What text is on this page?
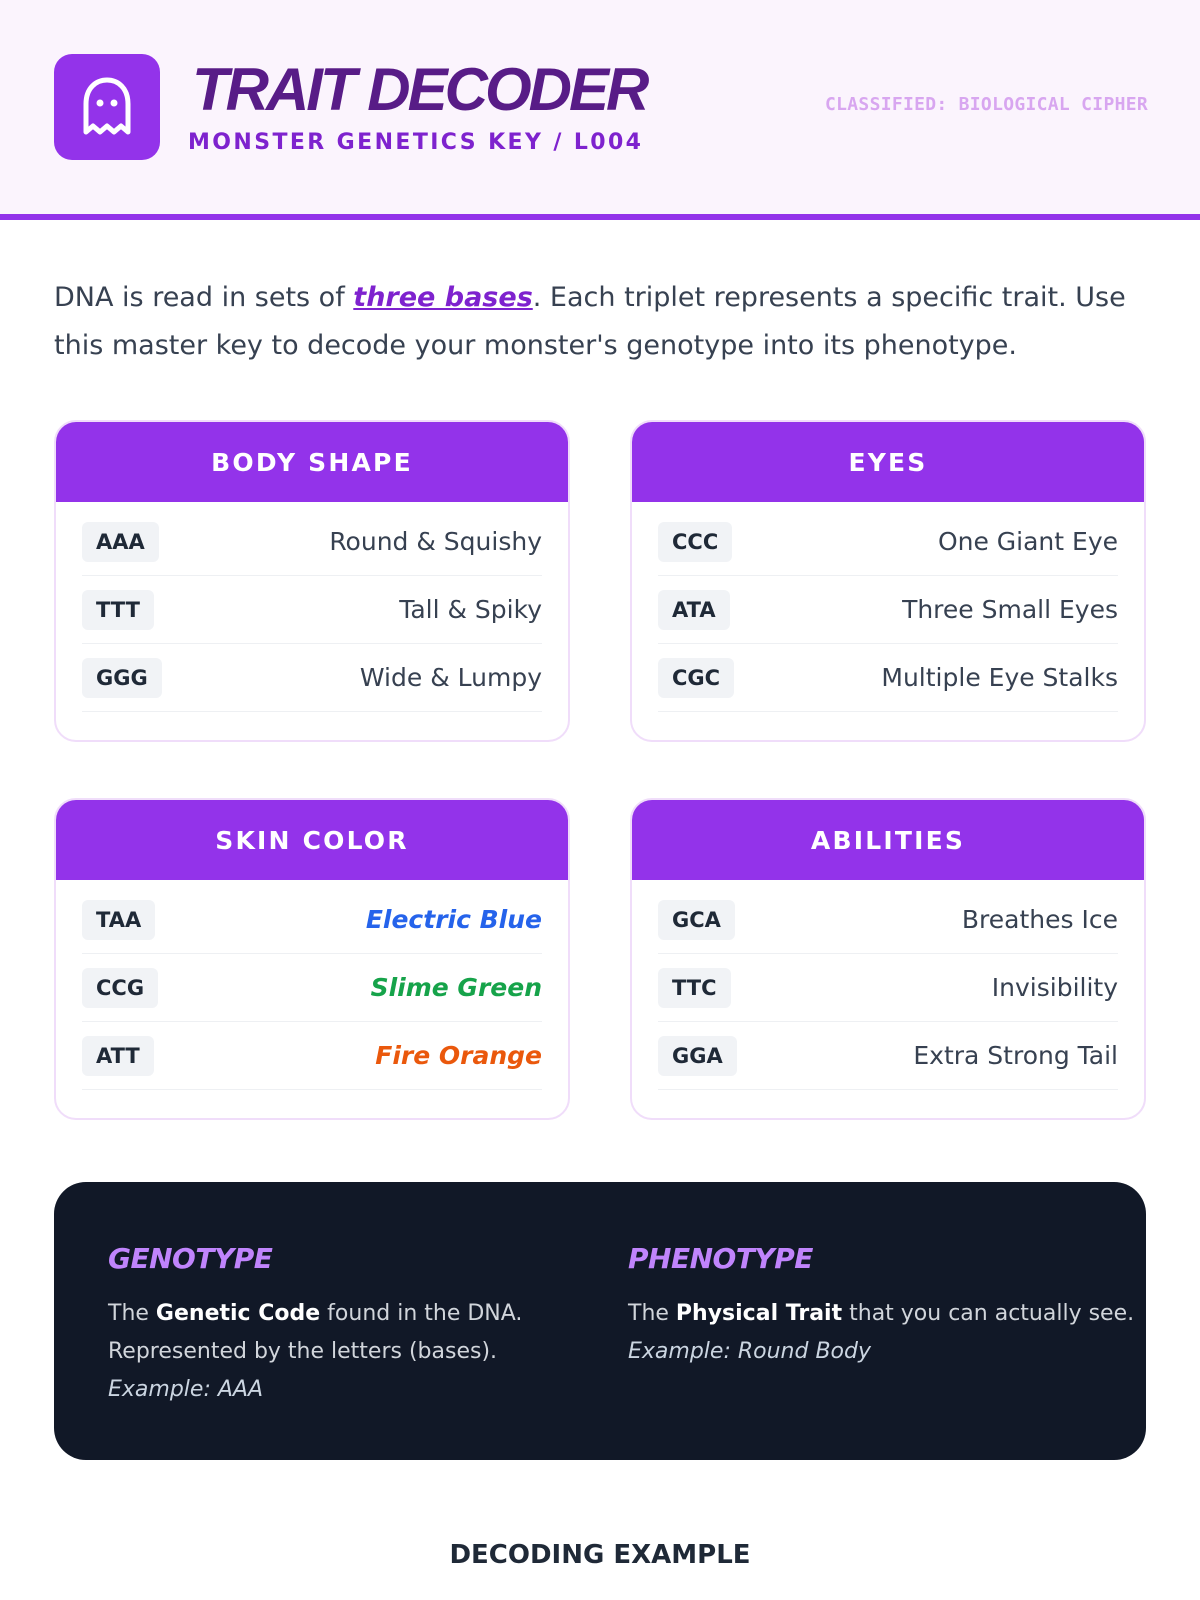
TRAIT DECODER
MONSTER GENETICS KEY / L004
CLASSIFIED: BIOLOGICAL CIPHER
DNA is read in sets of three bases. Each triplet represents a specific trait. Use this master key to decode your monster's genotype into its phenotype.
BODY SHAPE
AAA	Round & Squishy
TTT	Tall & Spiky
GGG	Wide & Lumpy
EYES
CCC	One Giant Eye
ATA	Three Small Eyes
CGC	Multiple Eye Stalks
SKIN COLOR
TAA	Electric Blue
CCG	Slime Green
ATT	Fire Orange
ABILITIES
GCA	Breathes Ice
TTC	Invisibility
GGA	Extra Strong Tail
GENOTYPE

The Genetic Code found in the DNA.

Represented by the letters (bases).

Example: AAA

PHENOTYPE

The Physical Trait that you can actually see.

Example: Round Body

DECODING EXAMPLE
